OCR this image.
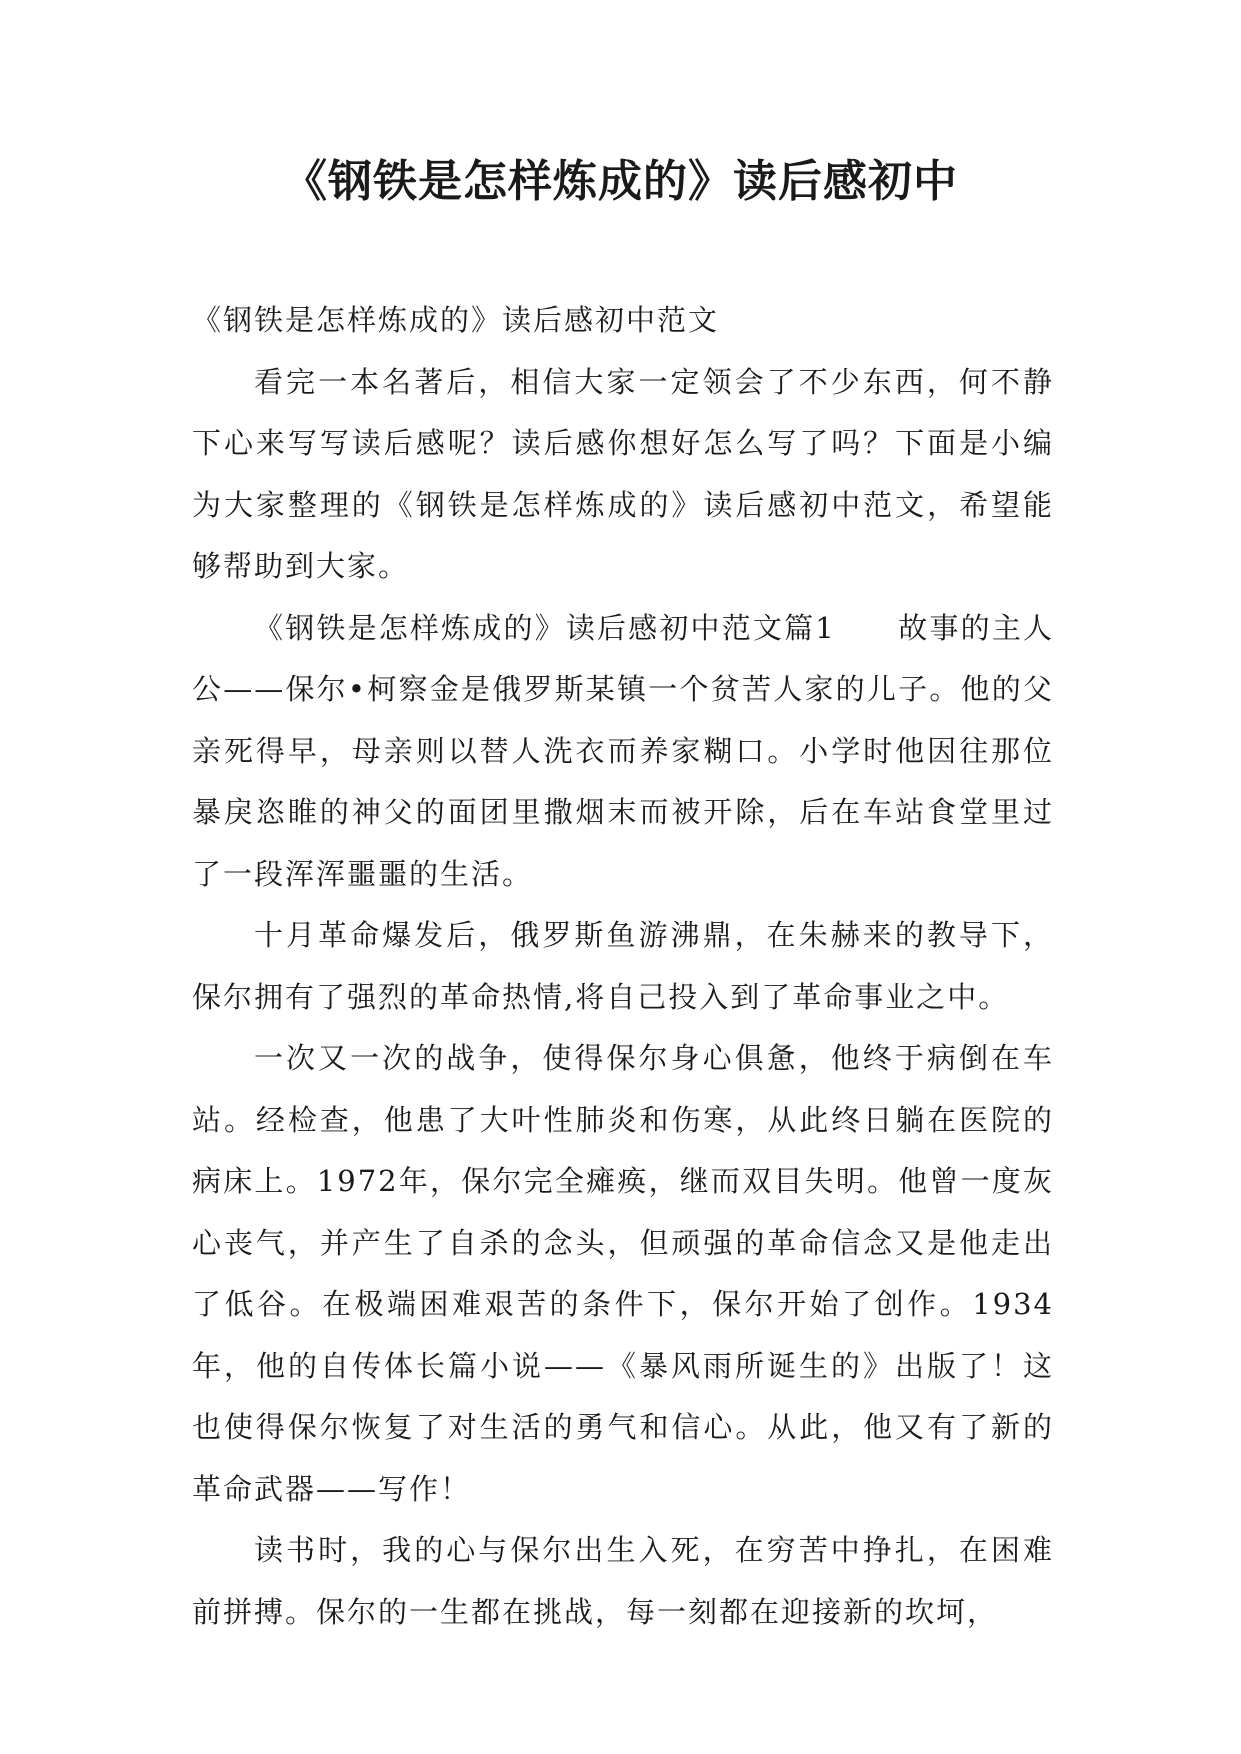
《钢铁是怎样炼成的》读后感初中

《钢铁是怎样炼成的》读后感初中范文

看完一本名著后，相信大家一定领会了不少东西，何不静下心来写写读后感呢？读后感你想好怎么写了吗？下面是小编为大家整理的《钢铁是怎样炼成的》读后感初中范文，希望能够帮助到大家。

《钢铁是怎样炼成的》读后感初中范文篇1　　故事的主人公——保尔•柯察金是俄罗斯某镇一个贫苦人家的儿子。他的父亲死得早，母亲则以替人洗衣而养家糊口。小学时他因往那位暴戾恣睢的神父的面团里撒烟末而被开除，后在车站食堂里过了一段浑浑噩噩的生活。

十月革命爆发后，俄罗斯鱼游沸鼎，在朱赫来的教导下，保尔拥有了强烈的革命热情,将自己投入到了革命事业之中。

一次又一次的战争，使得保尔身心俱惫，他终于病倒在车站。经检查，他患了大叶性肺炎和伤寒，从此终日躺在医院的病床上。1972年，保尔完全瘫痪，继而双目失明。他曾一度灰心丧气，并产生了自杀的念头，但顽强的革命信念又是他走出了低谷。在极端困难艰苦的条件下，保尔开始了创作。1934年，他的自传体长篇小说——《暴风雨所诞生的》出版了！这也使得保尔恢复了对生活的勇气和信心。从此，他又有了新的革命武器——写作！

读书时，我的心与保尔出生入死，在穷苦中挣扎，在困难前拼搏。保尔的一生都在挑战，每一刻都在迎接新的坎坷，
